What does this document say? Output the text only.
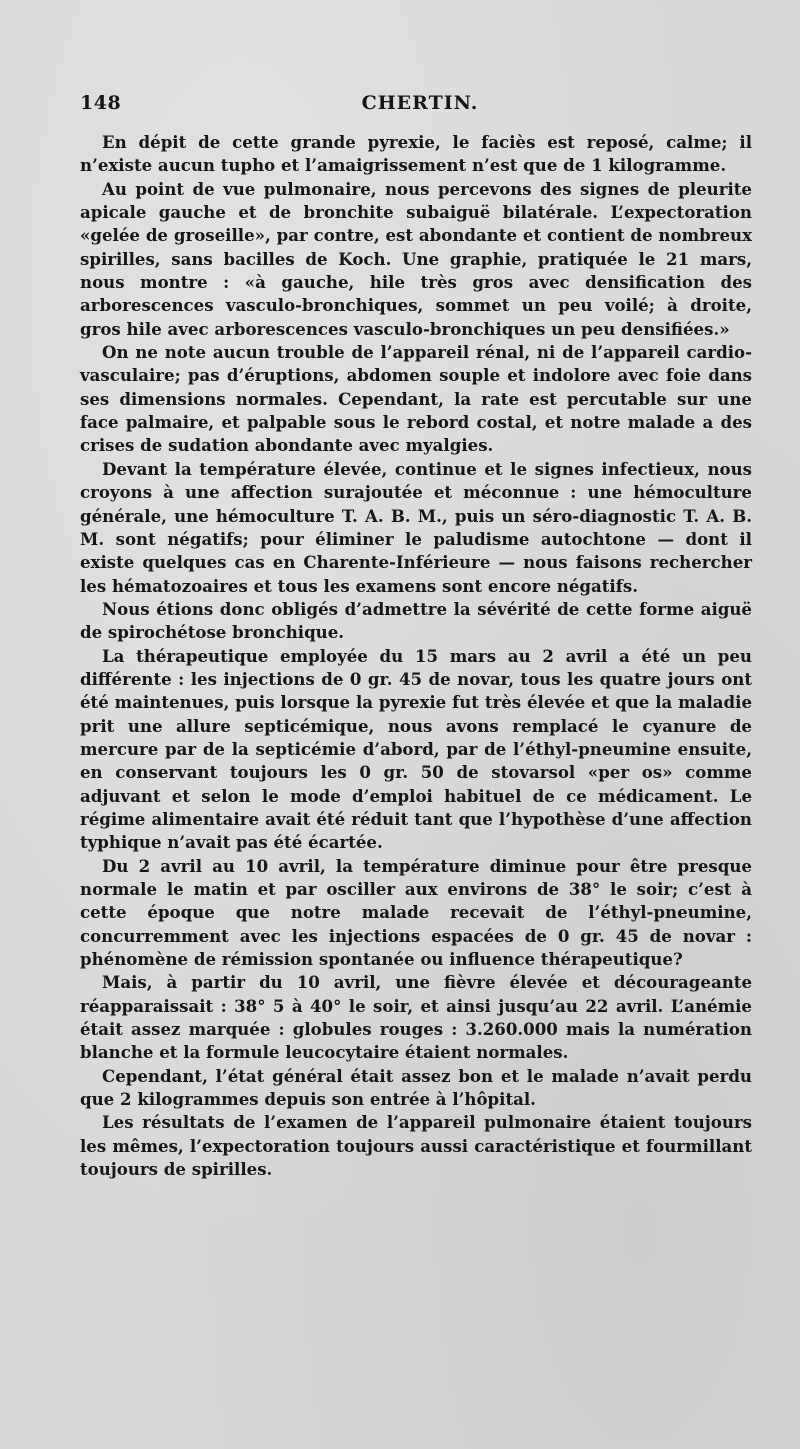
148	CHERTIN.

En dépit de cette grande pyrexie, le faciès est reposé, calme; il n’existe aucun tupho et l’amaigrissement n’est que de 1 kilogramme.

Au point de vue pulmonaire, nous percevons des signes de pleurite apicale gauche et de bronchite subaiguë bilatérale. L’expectoration «gelée de groseille», par contre, est abondante et contient de nombreux spirilles, sans bacilles de Koch. Une graphie, pratiquée le 21 mars, nous montre : «à gauche, hile très gros avec densification des arborescences vasculo-bronchiques, sommet un peu voilé; à droite, gros hile avec arborescences vasculo-bronchiques un peu densifiées.»

On ne note aucun trouble de l’appareil rénal, ni de l’appareil cardio-vasculaire; pas d’éruptions, abdomen souple et indolore avec foie dans ses dimensions normales. Cependant, la rate est percutable sur une face palmaire, et palpable sous le rebord costal, et notre malade a des crises de sudation abondante avec myalgies.

Devant la température élevée, continue et le signes infectieux, nous croyons à une affection surajoutée et méconnue : une hémoculture générale, une hémoculture T. A. B. M., puis un séro-diagnostic T. A. B. M. sont négatifs; pour éliminer le paludisme autochtone — dont il existe quelques cas en Charente-Inférieure — nous faisons rechercher les hématozoaires et tous les examens sont encore négatifs.

Nous étions donc obligés d’admettre la sévérité de cette forme aiguë de spirochétose bronchique.

La thérapeutique employée du 15 mars au 2 avril a été un peu différente : les injections de 0 gr. 45 de novar, tous les quatre jours ont été maintenues, puis lorsque la pyrexie fut très élevée et que la maladie prit une allure septicémique, nous avons remplacé le cyanure de mercure par de la septicémie d’abord, par de l’éthyl-pneumine ensuite, en conservant toujours les 0 gr. 50 de stovarsol «per os» comme adjuvant et selon le mode d’emploi habituel de ce médicament. Le régime alimentaire avait été réduit tant que l’hypothèse d’une affection typhique n’avait pas été écartée.

Du 2 avril au 10 avril, la température diminue pour être presque normale le matin et par osciller aux environs de 38° le soir; c’est à cette époque que notre malade recevait de l’éthyl-pneumine, concurremment avec les injections espacées de 0 gr. 45 de novar : phénomène de rémission spontanée ou influence thérapeutique?

Mais, à partir du 10 avril, une fièvre élevée et décourageante réapparaissait : 38° 5 à 40° le soir, et ainsi jusqu’au 22 avril. L’anémie était assez marquée : globules rouges : 3.260.000 mais la numération blanche et la formule leucocytaire étaient normales.

Cependant, l’état général était assez bon et le malade n’avait perdu que 2 kilogrammes depuis son entrée à l’hôpital.

Les résultats de l’examen de l’appareil pulmonaire étaient toujours les mêmes, l’expectoration toujours aussi caractéristique et fourmillant toujours de spirilles.
